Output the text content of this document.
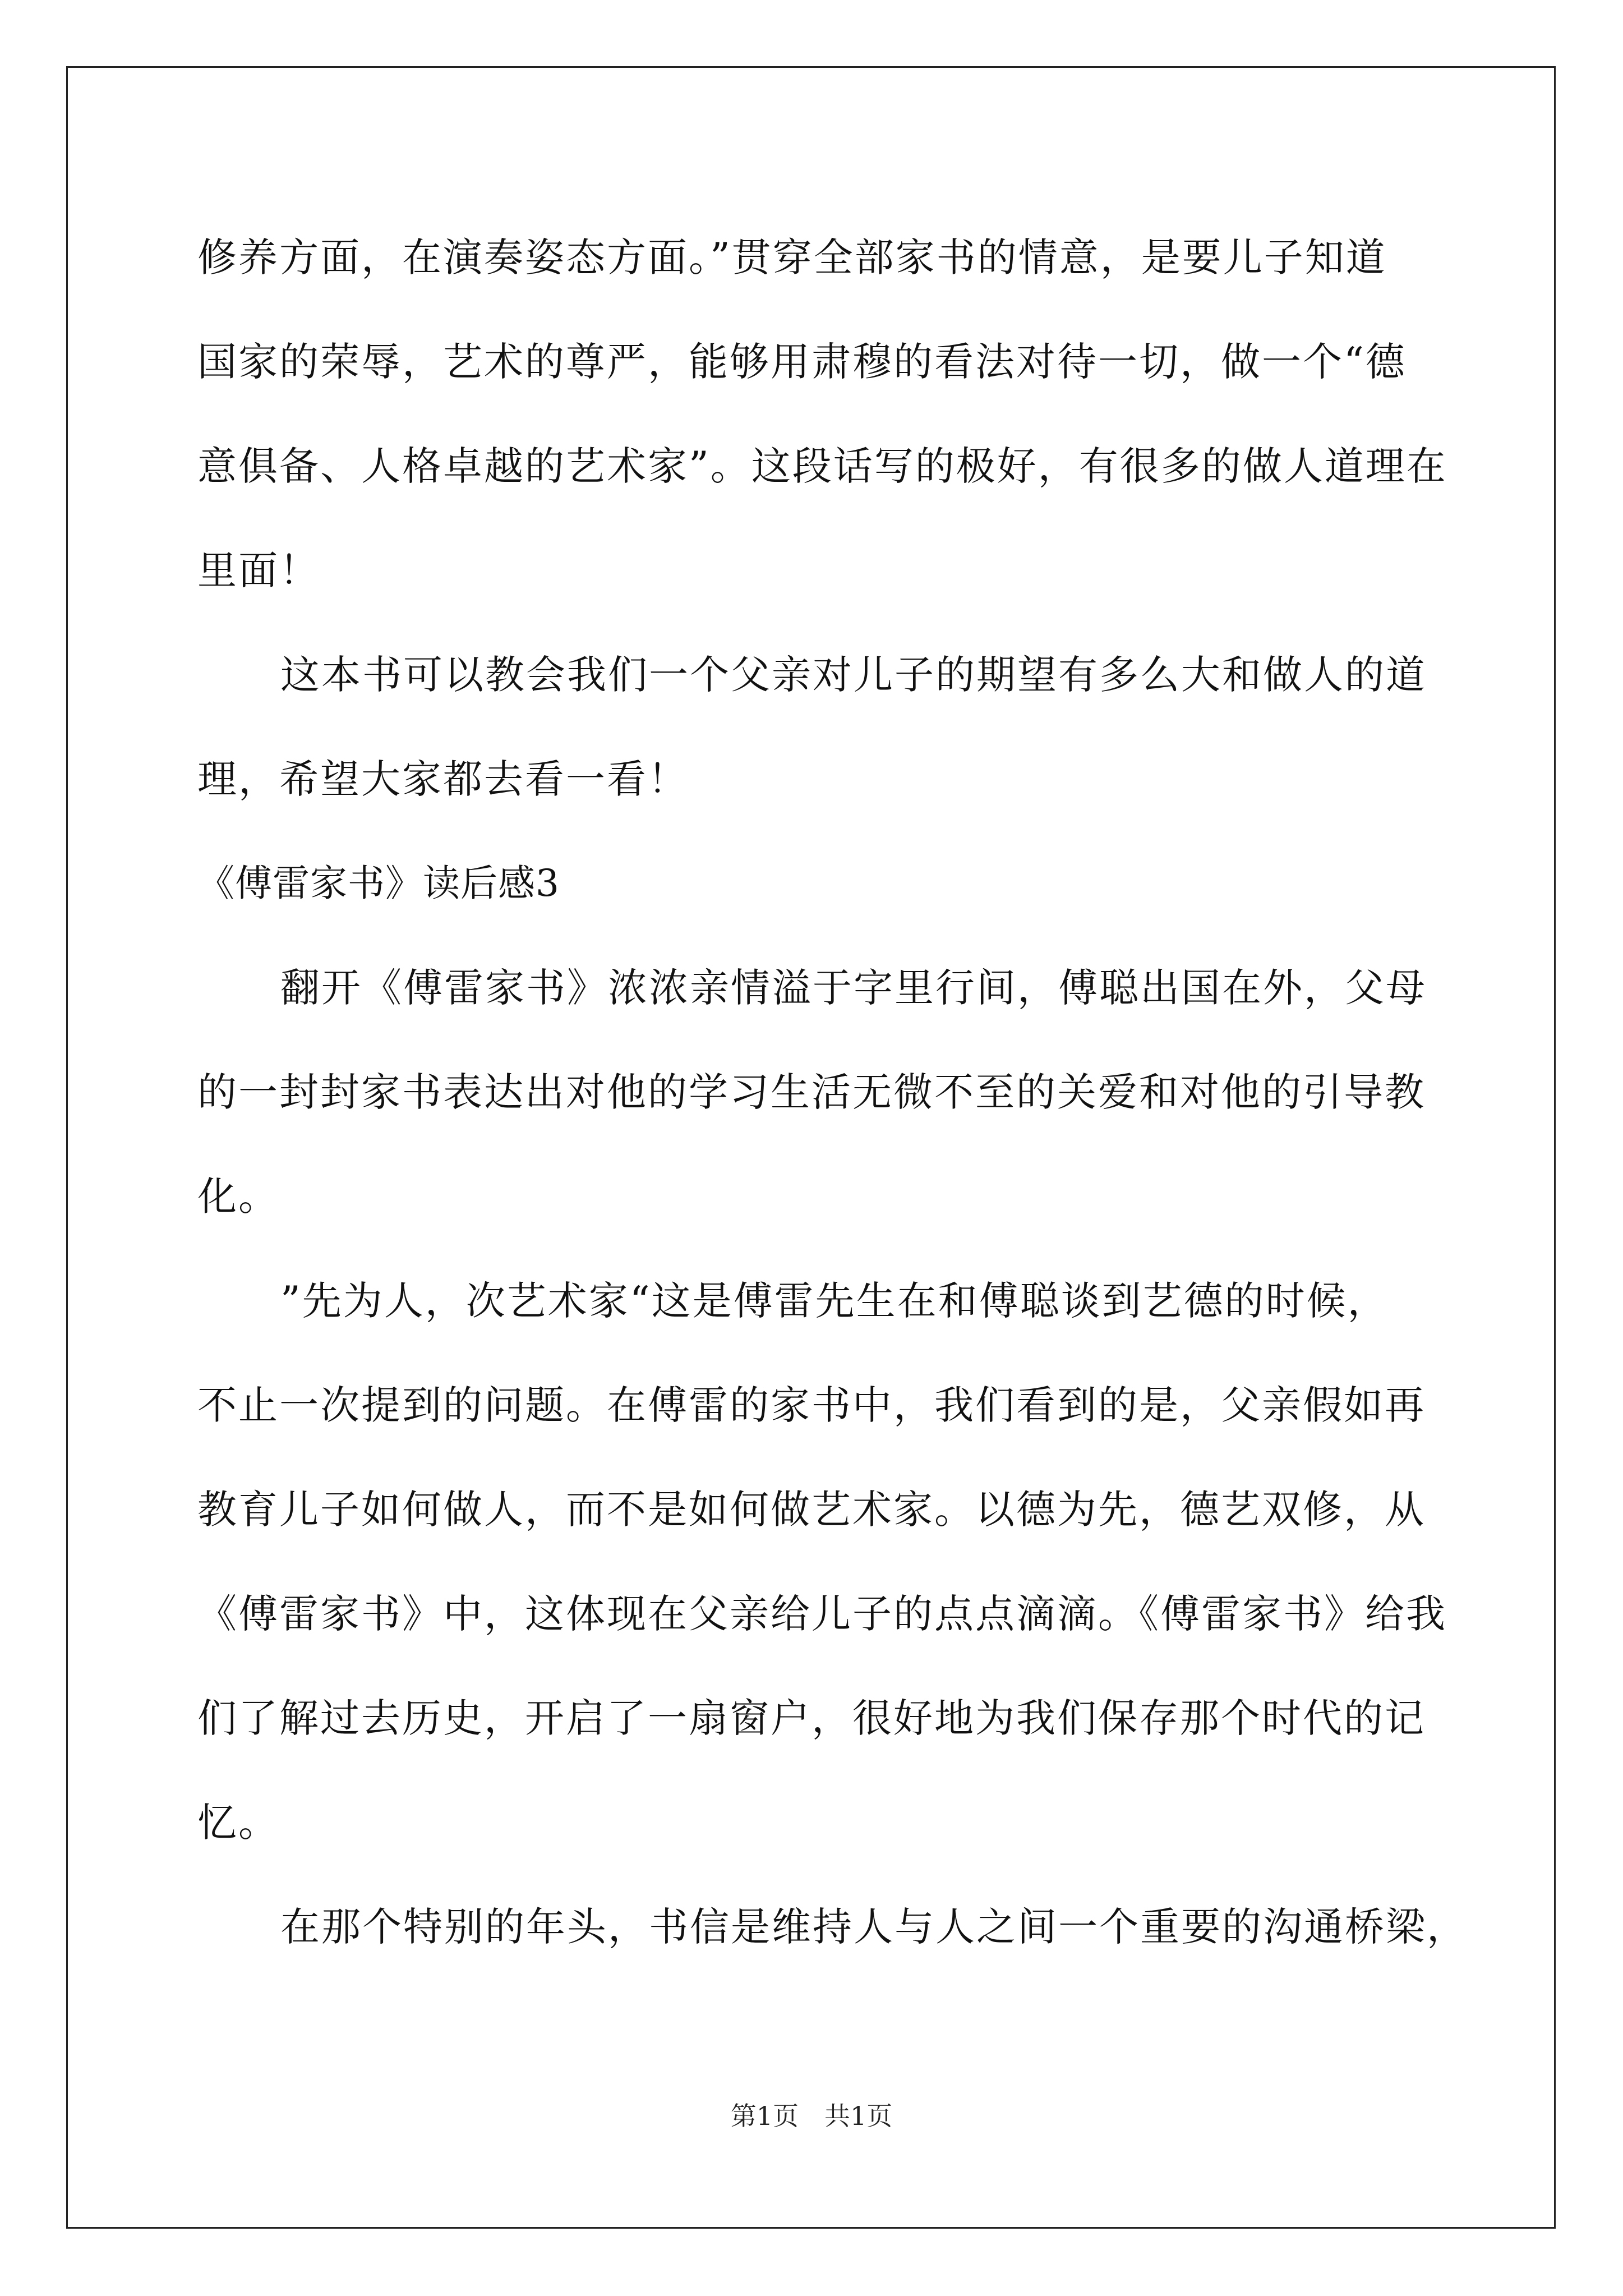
修养方面，在演奏姿态方面。”贯穿全部家书的情意，是要儿子知道
国家的荣辱，艺术的尊严，能够用肃穆的看法对待一切，做一个“德
意俱备、人格卓越的艺术家”。这段话写的极好，有很多的做人道理在
里面！
这本书可以教会我们一个父亲对儿子的期望有多么大和做人的道
理，希望大家都去看一看！
《傅雷家书》读后感3
翻开《傅雷家书》浓浓亲情溢于字里行间，傅聪出国在外，父母
的一封封家书表达出对他的学习生活无微不至的关爱和对他的引导教
化。
”先为人，次艺术家“这是傅雷先生在和傅聪谈到艺德的时候，
不止一次提到的问题。在傅雷的家书中，我们看到的是，父亲假如再
教育儿子如何做人，而不是如何做艺术家。以德为先，德艺双修，从
《傅雷家书》中，这体现在父亲给儿子的点点滴滴。《傅雷家书》给我
们了解过去历史，开启了一扇窗户，很好地为我们保存那个时代的记
忆。
在那个特别的年头，书信是维持人与人之间一个重要的沟通桥梁，
第1页　共1页
